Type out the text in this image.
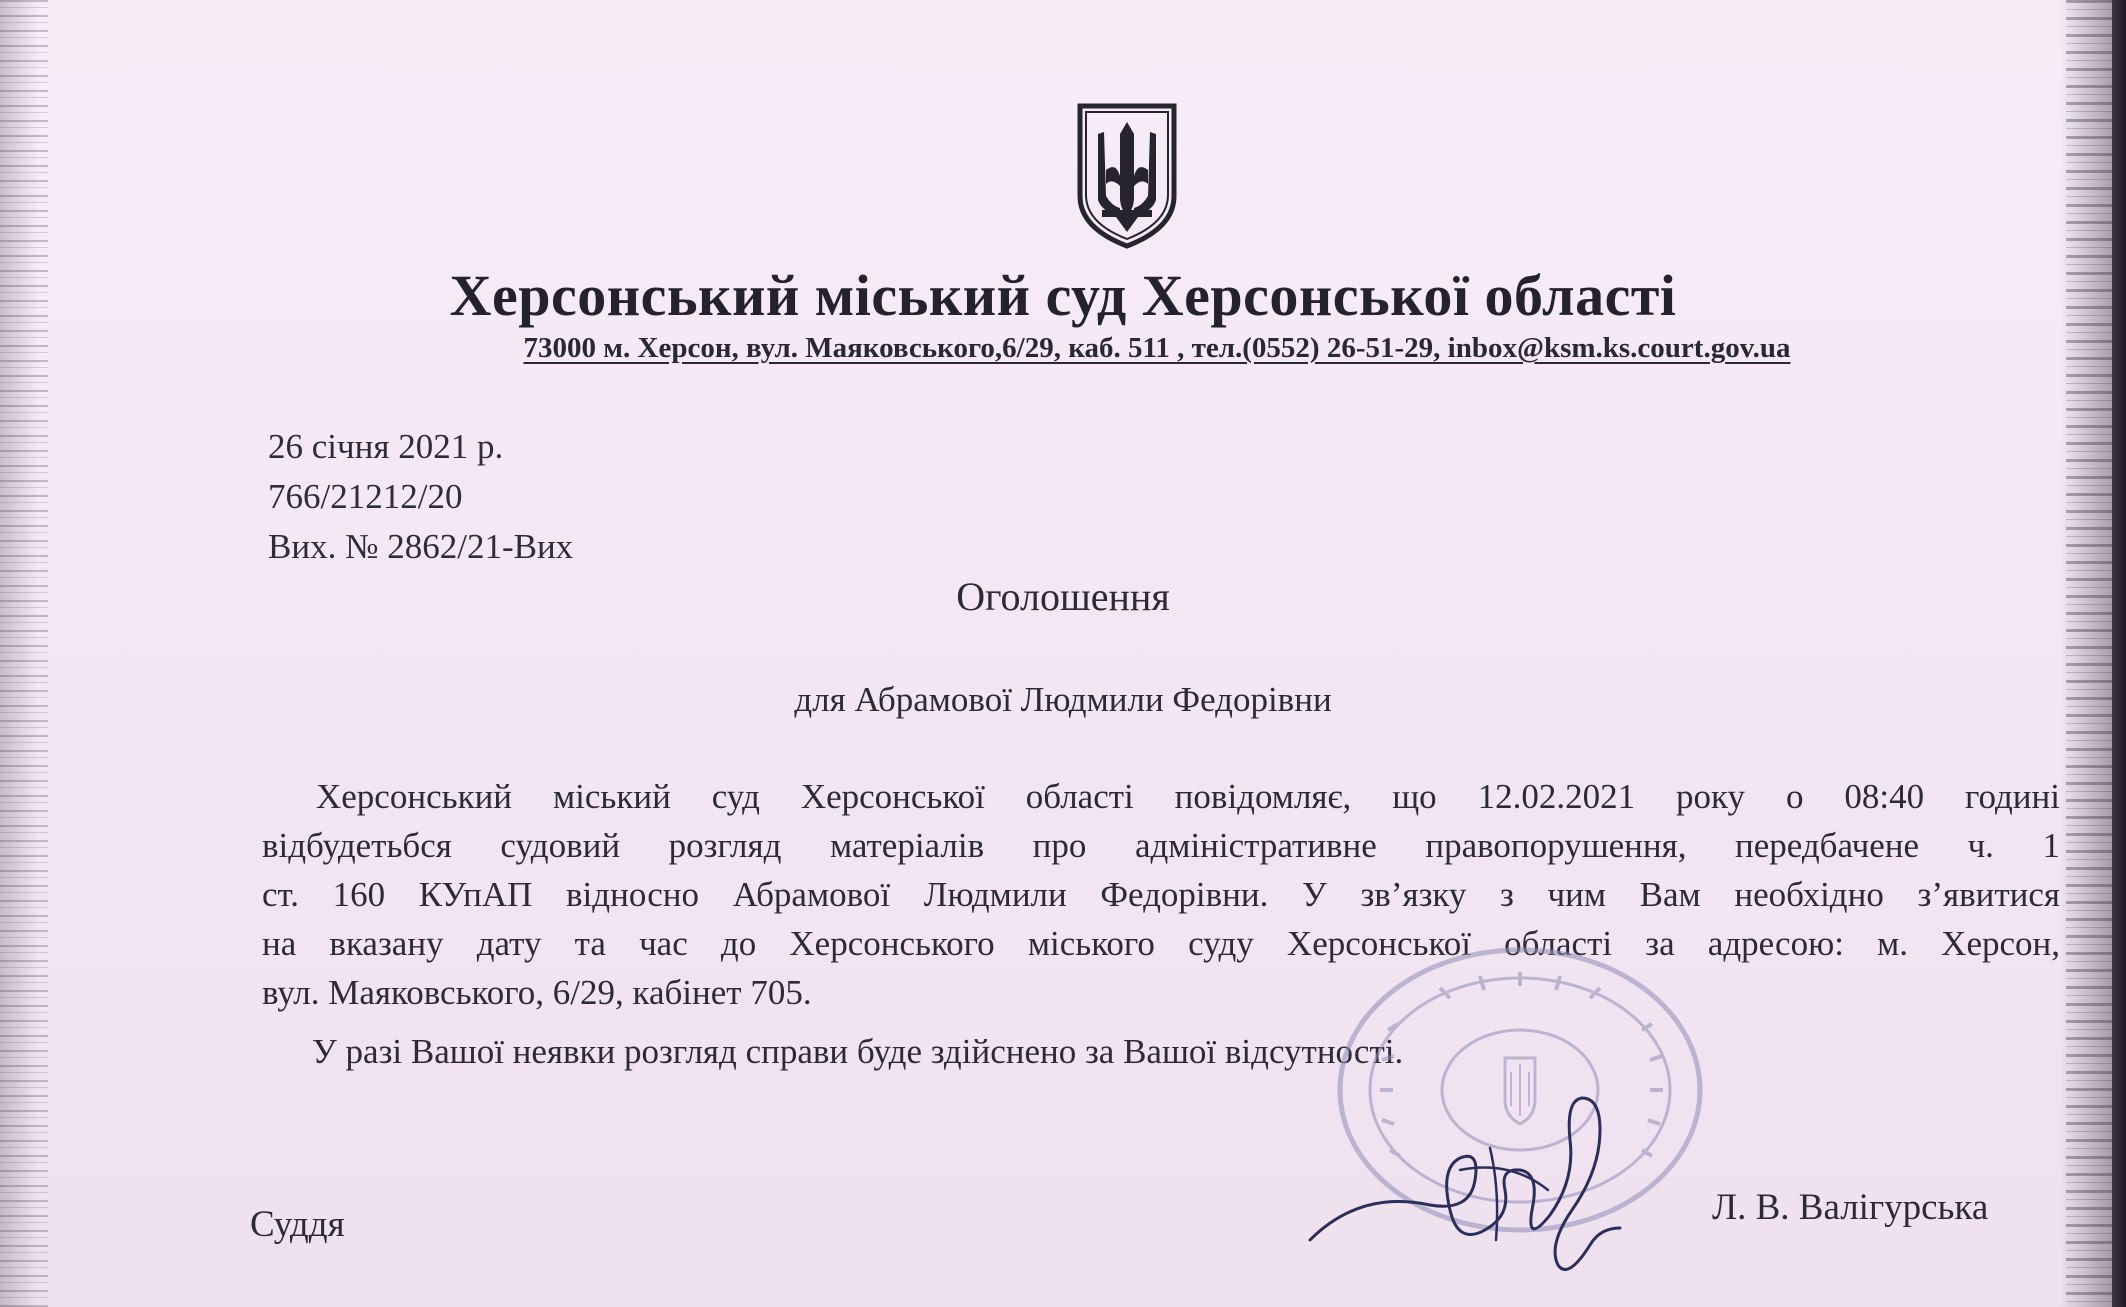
Херсонський міський суд Херсонської області
73000 м. Херсон, вул. Маяковського,6/29, каб. 511 , тел.(0552) 26-51-29, inbox@ksm.ks.court.gov.ua
26 січня 2021 р.
766/21212/20
Вих. № 2862/21-Вих
Оголошення
для Абрамової Людмили Федорівни
Херсонський міський суд Херсонської області повідомляє, що 12.02.2021 року о 08:40 годині
відбудетьбся судовий розгляд матеріалів про адміністративне правопорушення, передбачене ч. 1
ст. 160 КУпАП відносно Абрамової Людмили Федорівни. У зв’язку з чим Вам необхідно з’явитися
на вказану дату та час до Херсонського міського суду Херсонської області за адресою: м. Херсон,
вул. Маяковського, 6/29, кабінет 705.
У разі Вашої неявки розгляд справи буде здійснено за Вашої відсутності.
Суддя	Л. В. Валігурська
